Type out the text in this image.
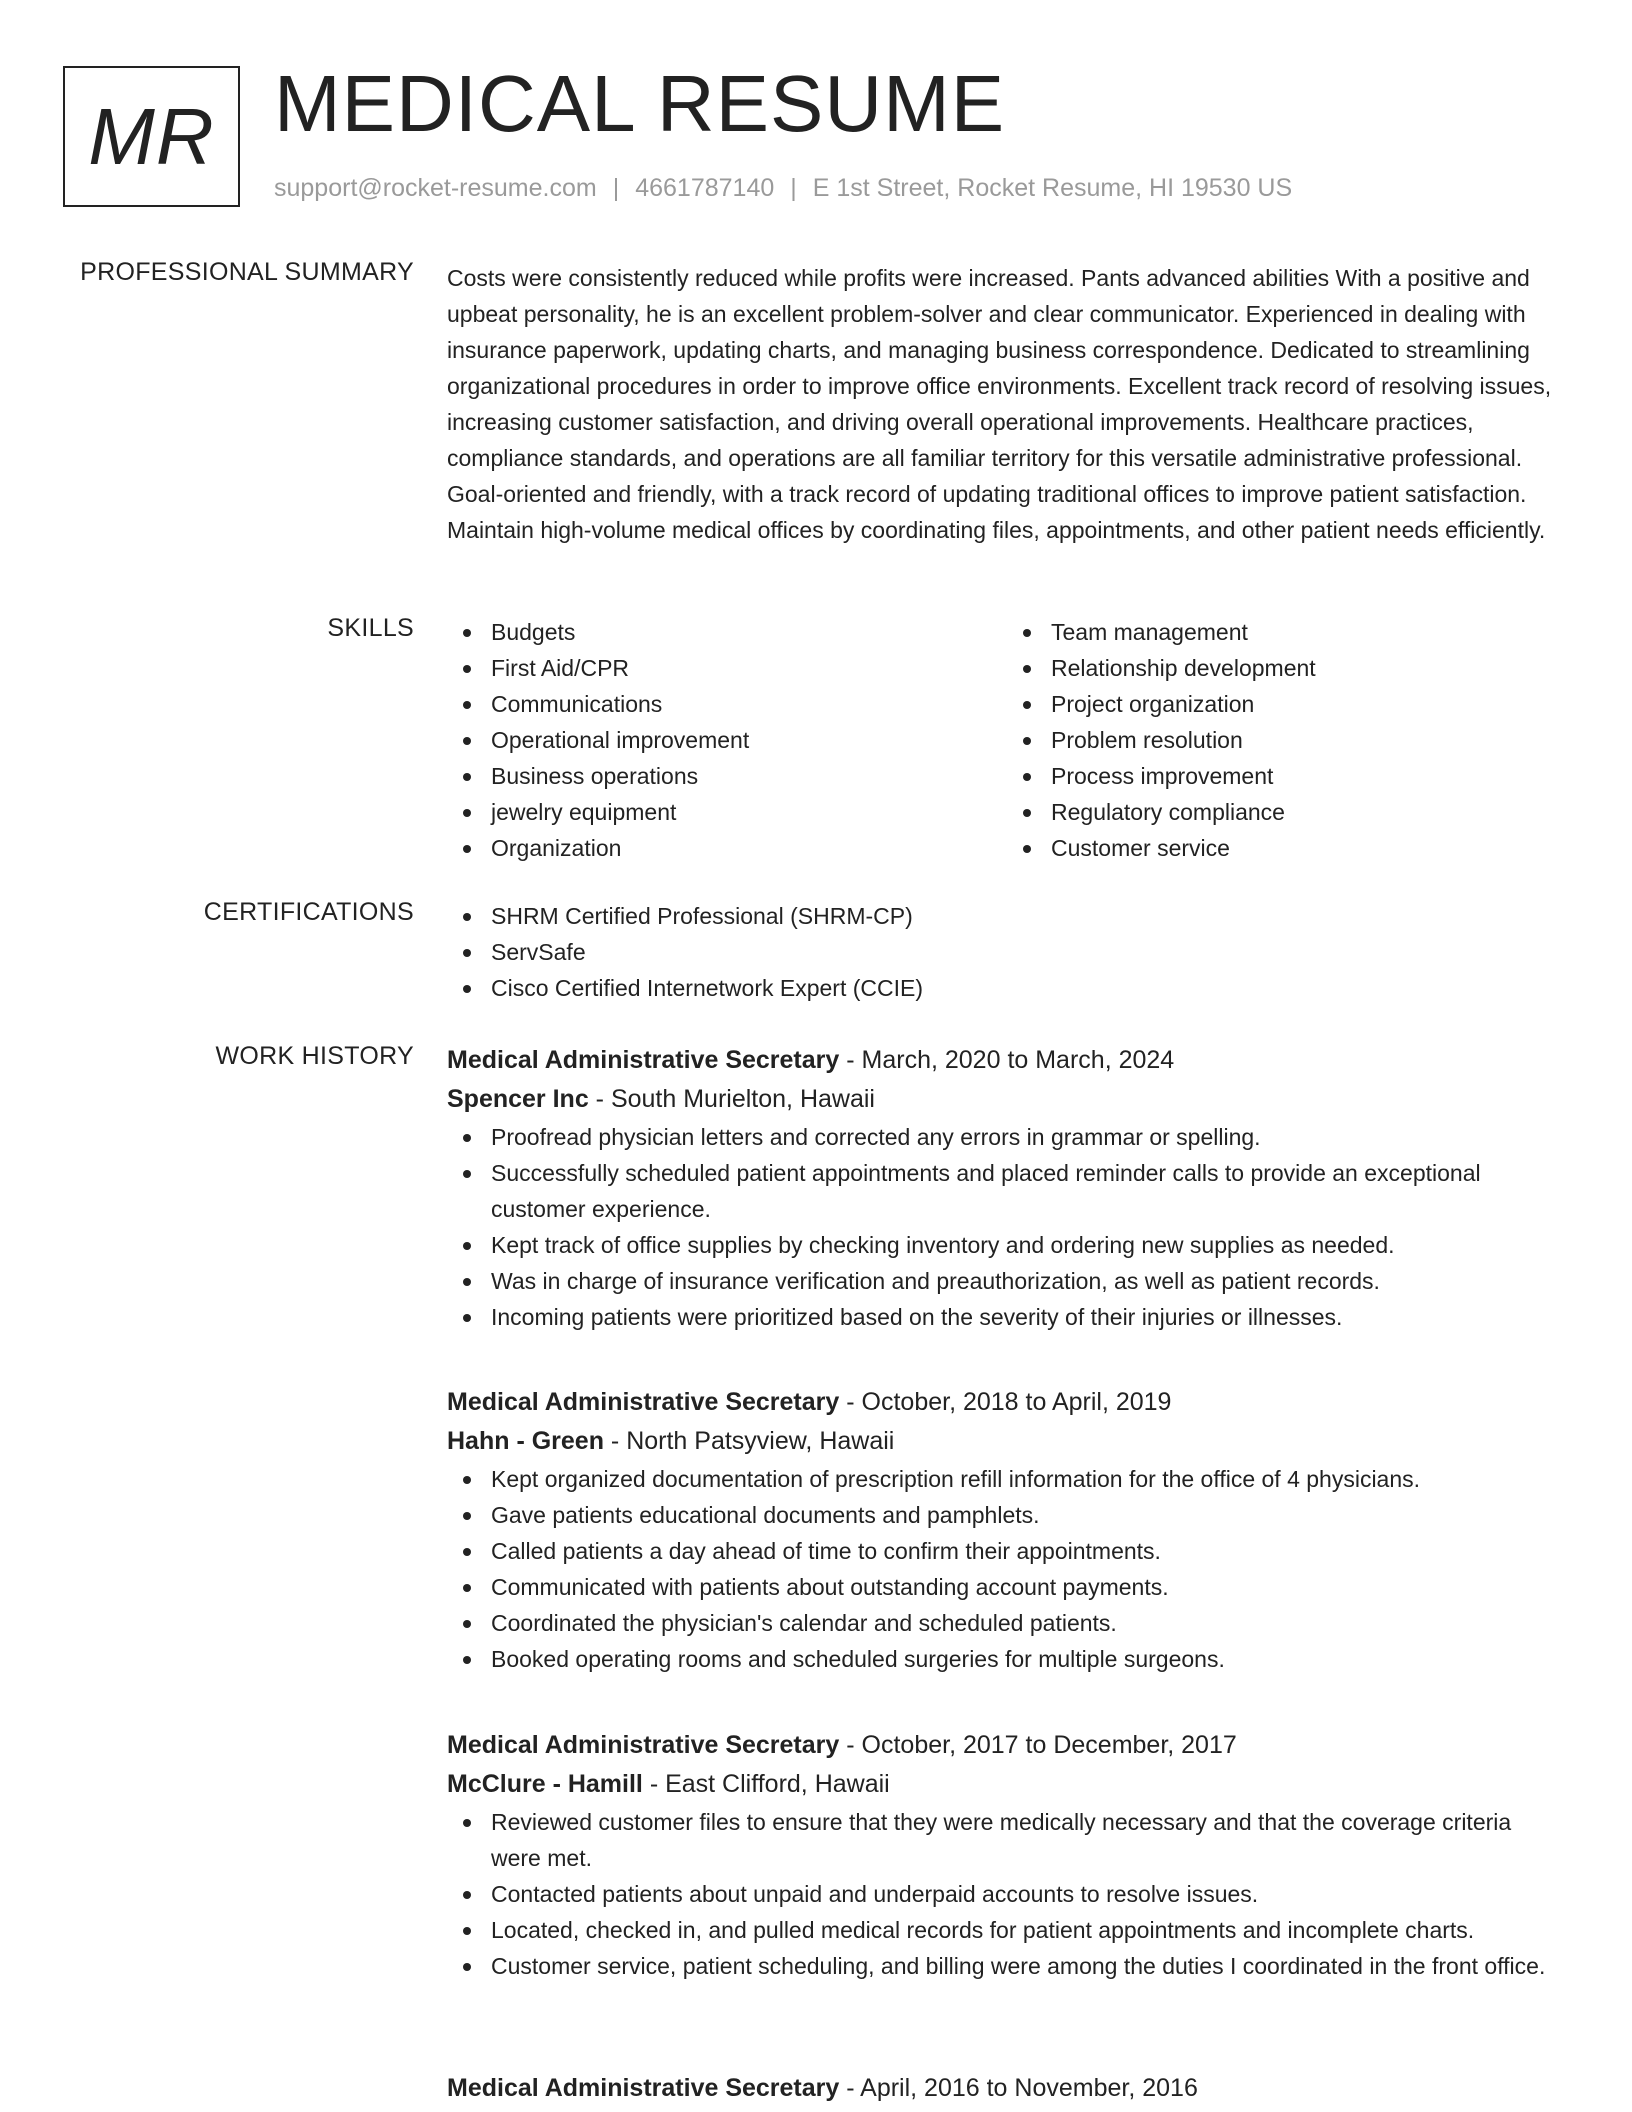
MR MEDICAL RESUME
support@rocket-resume.com | 4661787140 | E 1st Street, Rocket Resume, HI 19530 US
PROFESSIONAL SUMMARY Costs were consistently reduced while profits were increased. Pants advanced abilities With a positive and upbeat personality, he is an excellent problem-solver and clear communicator. Experienced in dealing with insurance paperwork, updating charts, and managing business correspondence. Dedicated to streamlining organizational procedures in order to improve office environments. Excellent track record of resolving issues, increasing customer satisfaction, and driving overall operational improvements. Healthcare practices, compliance standards, and operations are all familiar territory for this versatile administrative professional. Goal-oriented and friendly, with a track record of updating traditional offices to improve patient satisfaction. Maintain high-volume medical offices by coordinating files, appointments, and other patient needs efficiently.

SKILLS	Budgets
First Aid/CPR
Communications
Operational improvement
Business operations
jewelry equipment
Organization
Team management
Relationship development
Project organization
Problem resolution
Process improvement
Regulatory compliance
Customer service
CERTIFICATIONS	SHRM Certified Professional (SHRM-CP)
ServSafe
Cisco Certified Internetwork Expert (CCIE)
WORK HISTORY Medical Administrative Secretary - March, 2020 to March, 2024
Spencer Inc - South Murielton, Hawaii
Proofread physician letters and corrected any errors in grammar or spelling.
Successfully scheduled patient appointments and placed reminder calls to provide an exceptional customer experience.
Kept track of office supplies by checking inventory and ordering new supplies as needed.
Was in charge of insurance verification and preauthorization, as well as patient records.
Incoming patients were prioritized based on the severity of their injuries or illnesses.
Medical Administrative Secretary - October, 2018 to April, 2019
Hahn - Green - North Patsyview, Hawaii
Kept organized documentation of prescription refill information for the office of 4 physicians.
Gave patients educational documents and pamphlets.
Called patients a day ahead of time to confirm their appointments.
Communicated with patients about outstanding account payments.
Coordinated the physician's calendar and scheduled patients.
Booked operating rooms and scheduled surgeries for multiple surgeons.
Medical Administrative Secretary - October, 2017 to December, 2017
McClure - Hamill - East Clifford, Hawaii
Reviewed customer files to ensure that they were medically necessary and that the coverage criteria were met.
Contacted patients about unpaid and underpaid accounts to resolve issues.
Located, checked in, and pulled medical records for patient appointments and incomplete charts.
Customer service, patient scheduling, and billing were among the duties I coordinated in the front office.
Medical Administrative Secretary - April, 2016 to November, 2016
